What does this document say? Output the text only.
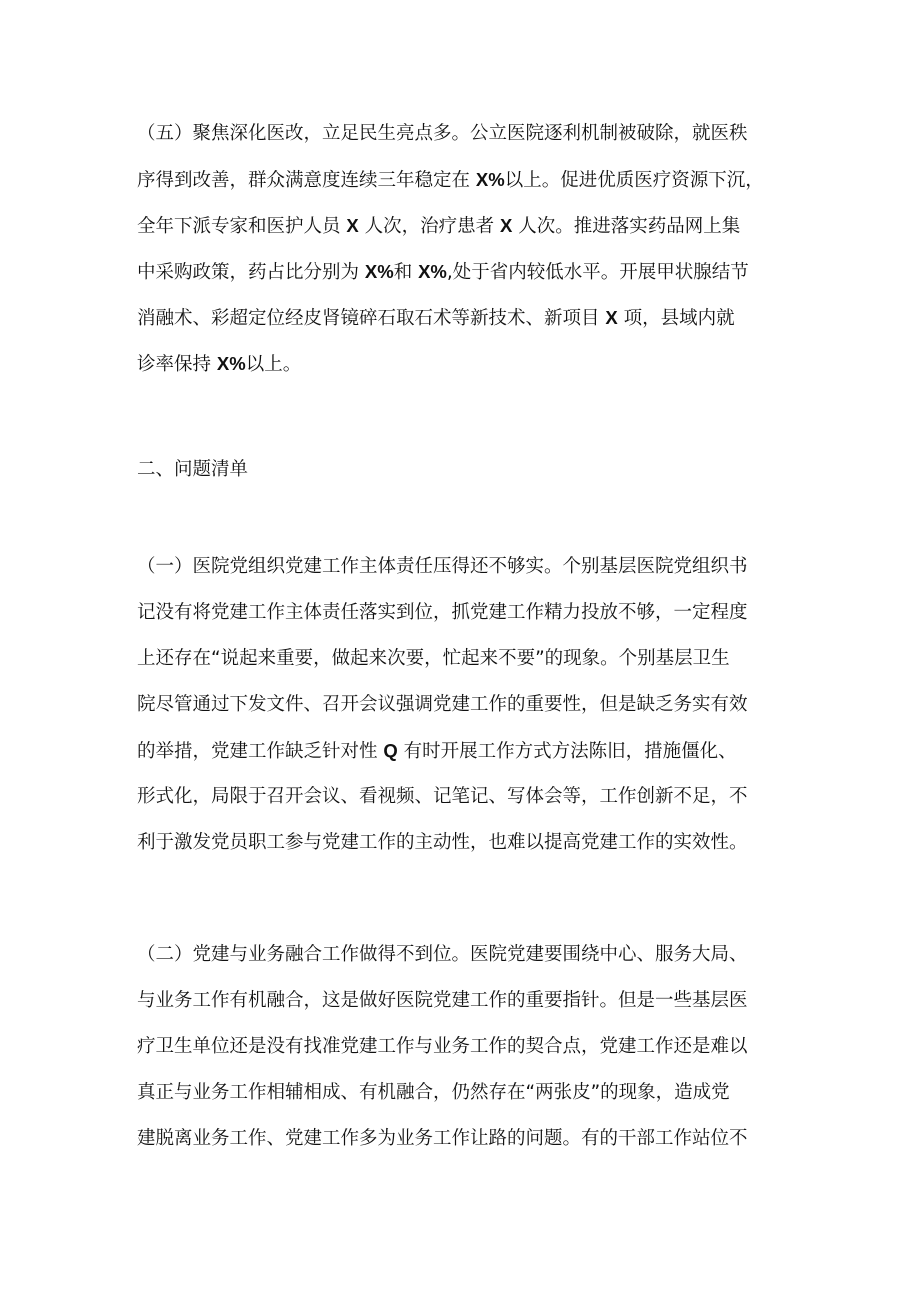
（五）聚焦深化医改，立足民生亮点多。公立医院逐利机制被破除，就医秩
序得到改善，群众满意度连续三年稳定在 X%以上。促进优质医疗资源下沉，
全年下派专家和医护人员 X 人次，治疗患者 X 人次。推进落实药品网上集
中采购政策，药占比分别为 X%和 X%,处于省内较低水平。开展甲状腺结节
消融术、彩超定位经皮肾镜碎石取石术等新技术、新项目 X 项，县域内就
诊率保持 X%以上。
二、问题清单
（一）医院党组织党建工作主体责任压得还不够实。个别基层医院党组织书
记没有将党建工作主体责任落实到位，抓党建工作精力投放不够，一定程度
上还存在“说起来重要，做起来次要，忙起来不要”的现象。个别基层卫生
院尽管通过下发文件、召开会议强调党建工作的重要性，但是缺乏务实有效
的举措，党建工作缺乏针对性 Q 有时开展工作方式方法陈旧，措施僵化、
形式化，局限于召开会议、看视频、记笔记、写体会等，工作创新不足，不
利于激发党员职工参与党建工作的主动性，也难以提高党建工作的实效性。
（二）党建与业务融合工作做得不到位。医院党建要围绕中心、服务大局、
与业务工作有机融合，这是做好医院党建工作的重要指针。但是一些基层医
疗卫生单位还是没有找准党建工作与业务工作的契合点，党建工作还是难以
真正与业务工作相辅相成、有机融合，仍然存在“两张皮”的现象，造成党
建脱离业务工作、党建工作多为业务工作让路的问题。有的干部工作站位不
